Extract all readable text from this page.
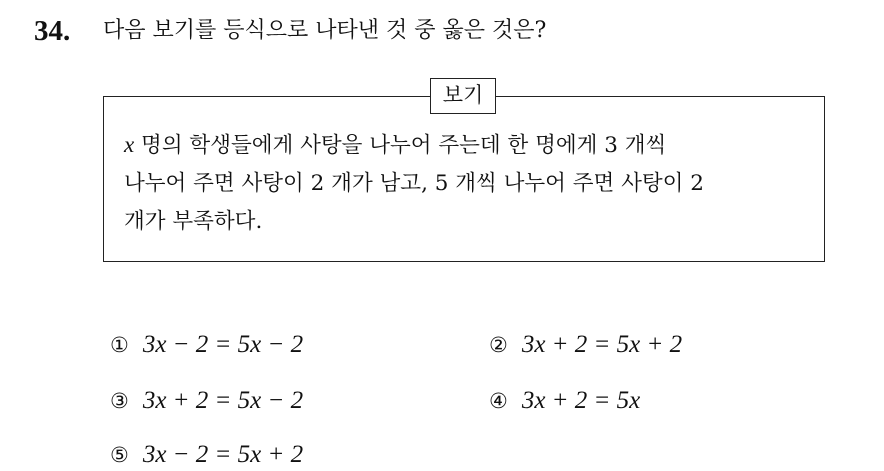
34. 다음 보기를 등식으로 나타낸 것 중 옳은 것은?
보기
x 명의 학생들에게 사탕을 나누어 주는데 한 명에게 3 개씩
나누어 주면 사탕이 2 개가 남고, 5 개씩 나누어 주면 사탕이 2
개가 부족하다.
① 3x − 2 = 5x − 2	② 3x + 2 = 5x + 2
③ 3x + 2 = 5x − 2	④ 3x + 2 = 5x
⑤ 3x − 2 = 5x + 2
